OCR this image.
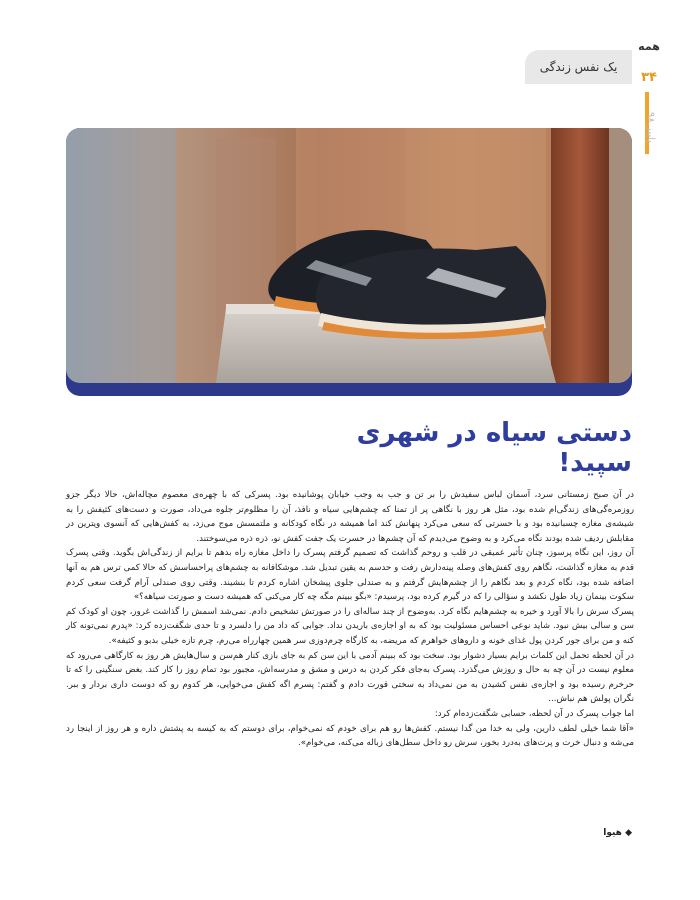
یک نفس زندگی
همه
۳۴
پاییز ۹۸
دستی سیاه در شهری سپید!

در آن صبح زمستانی سرد، آسمان لباس سفیدش را بر تن و جب به وجب خیابان پوشانیده بود. پسرکی که با چهره‌ی معصوم مچاله‌اش، حالا دیگر جزو روزمره‌گی‌های زندگی‌ام شده بود، مثل هر روز با نگاهی پر از تمنا که چشم‌هایی سیاه و نافذ، آن را مظلوم‌تر جلوه می‌داد، صورت و دست‌های کثیفش را به شیشه‌ی مغازه چسبانیده بود و با حسرتی که سعی می‌کرد پنهانش کند اما همیشه در نگاه کودکانه و ملتمسش موج می‌زد، به کفش‌هایی که آنسوی ویترین در مقابلش ردیف شده بودند نگاه می‌کرد و به وضوح می‌دیدم که آن چشم‌ها در حسرت یک جفت کفش نو، ذره ذره می‌سوختند.

آن روز، این نگاه پرسوز، چنان تأثیر عمیقی در قلب و روحم گذاشت که تصمیم گرفتم پسرک را داخل مغازه راه بدهم تا برایم از زندگی‌اش بگوید. وقتی پسرک قدم به مغازه گذاشت، نگاهم روی کفش‌های وصله پینه‌دارش رفت و حدسم به یقین تبدیل شد. موشکافانه به چشم‌های پراحساسش که حالا کمی ترس هم به آنها اضافه شده بود، نگاه کردم و بعد نگاهم را از چشم‌هایش گرفتم و به صندلی جلوی پیشخان اشاره کردم تا بنشیند. وقتی روی صندلی آرام گرفت سعی کردم سکوت بینمان زیاد طول نکشد و سؤالی را که در گیرم کرده بود، پرسیدم: «بگو ببینم مگه چه کار می‌کنی که همیشه دست و صورتت سیاهه؟»

پسرک سرش را بالا آورد و خیره به چشم‌هایم نگاه کرد. به‌وضوح از چند ساله‌ای را در صورتش تشخیص دادم. نمی‌شد اسمش را گذاشت غرور، چون او کودک کم سن و سالی بیش نبود. شاید نوعی احساس مسئولیت بود که به او اجازه‌ی باریدن نداد. جوابی که داد من را دلسرد و تا حدی شگفت‌زده کرد: «پدرم نمی‌تونه کار کنه و من برای جور کردن پول غذای خونه و داروهای خواهرم که مریضه، به کارگاه چرم‌دوزی سر همین چهارراه می‌رم، چرم تازه خیلی بدبو و کثیفه».

در آن لحظه تحمل این کلمات برایم بسیار دشوار بود. سخت بود که ببینم آدمی با این سن کم به جای بازی کنار هم‌سن و سال‌هایش هر روز به کارگاهی می‌رود که معلوم نیست در آن چه به حال و روزش می‌گذرد. پسرک به‌جای فکر کردن به درس و مشق و مدرسه‌اش، مجبور بود تمام روز را کار کند. بغض سنگینی را که تا حرخرم رسیده بود و اجازه‌ی نفس کشیدن به من نمی‌داد به سختی قورت دادم و گفتم: پسرم اگه کفش می‌خوایی، هر کدوم رو که دوست داری بردار و ببر. نگران پولش هم نباش...

اما جواب پسرک در آن لحظه، حسابی شگفت‌زده‌ام کرد:

«آقا شما خیلی لطف دارین، ولی به خدا من گدا نیستم. کفش‌ها رو هم برای خودم که نمی‌خوام، برای دوستم که به کیسه به پشتش داره و هر روز از اینجا رد می‌شه و دنبال خرت و پرت‌های به‌درد بخور، سرش رو داخل سطل‌های زباله می‌کنه، می‌خوام».

◆ هیوا
